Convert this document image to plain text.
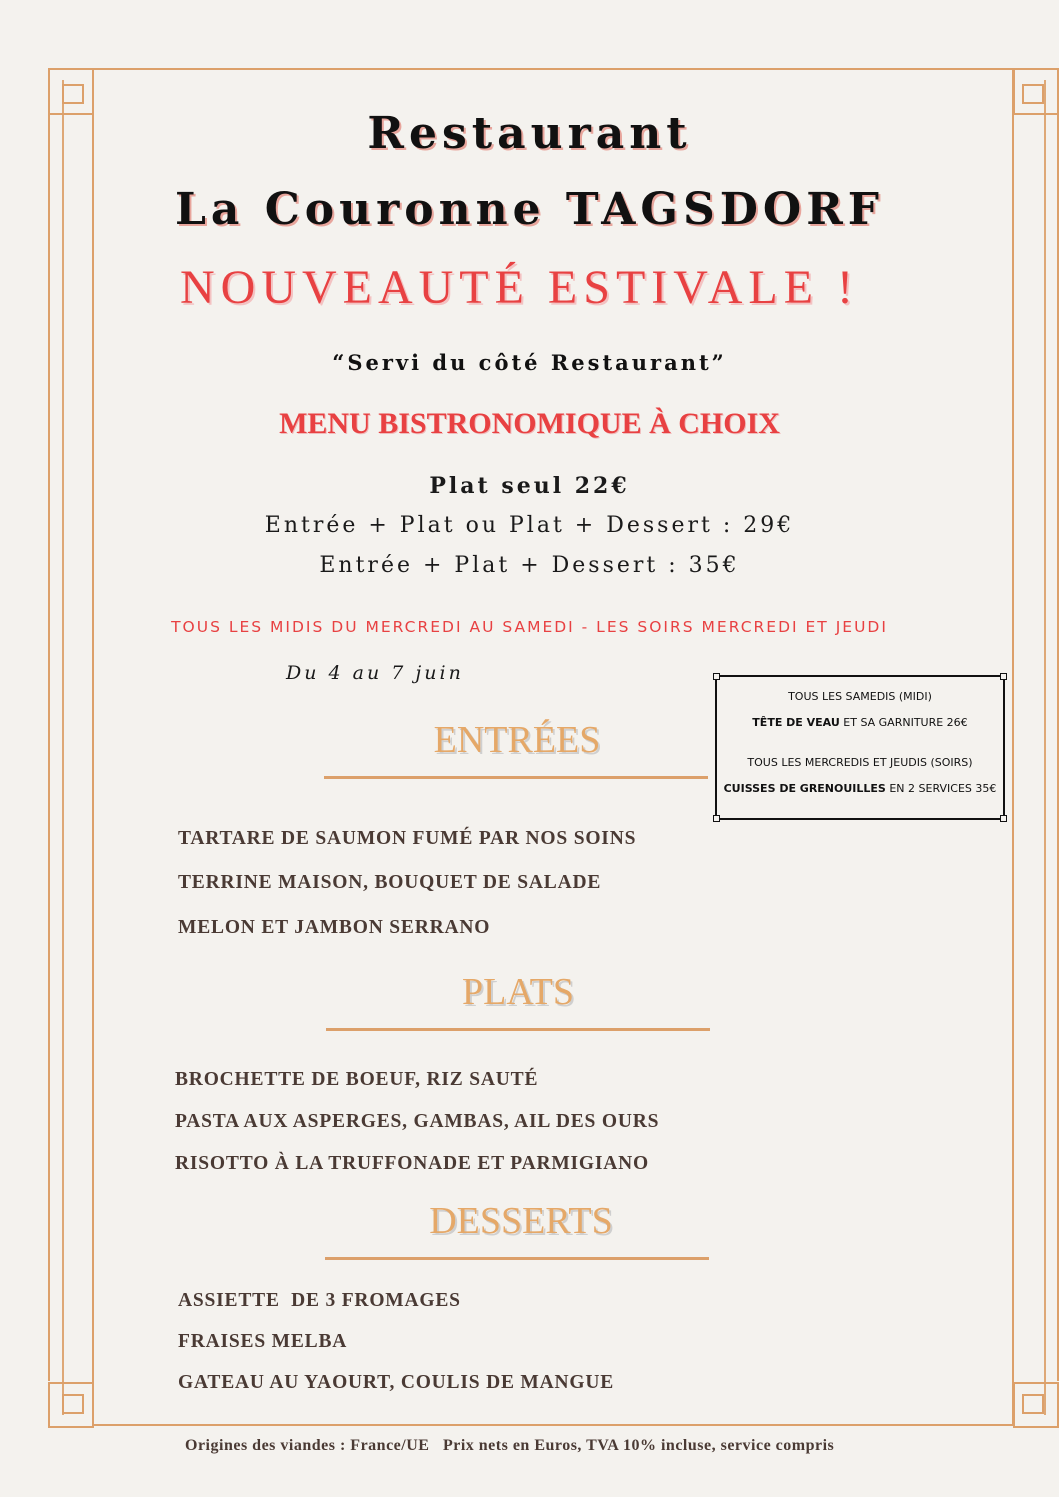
Restaurant
La Couronne TAGSDORF
NOUVEAUTÉ ESTIVALE !
“Servi du côté Restaurant”
MENU BISTRONOMIQUE À CHOIX
Plat seul 22€
Entrée + Plat ou Plat + Dessert : 29€
Entrée + Plat + Dessert : 35€
TOUS LES MIDIS DU MERCREDI AU SAMEDI - LES SOIRS MERCREDI ET JEUDI
Du 4 au 7 juin
TOUS LES SAMEDIS (MIDI)
TÊTE DE VEAU ET SA GARNITURE 26€
TOUS LES MERCREDIS ET JEUDIS (SOIRS)
CUISSES DE GRENOUILLES EN 2 SERVICES 35€
ENTRÉES
TARTARE DE SAUMON FUMÉ PAR NOS SOINS
TERRINE MAISON, BOUQUET DE SALADE
MELON ET JAMBON SERRANO
PLATS
BROCHETTE DE BOEUF, RIZ SAUTÉ
PASTA AUX ASPERGES, GAMBAS, AIL DES OURS
RISOTTO À LA TRUFFONADE ET PARMIGIANO
DESSERTS
ASSIETTE  DE 3 FROMAGES
FRAISES MELBA
GATEAU AU YAOURT, COULIS DE MANGUE
Origines des viandes : France/UE   Prix nets en Euros, TVA 10% incluse, service compris
